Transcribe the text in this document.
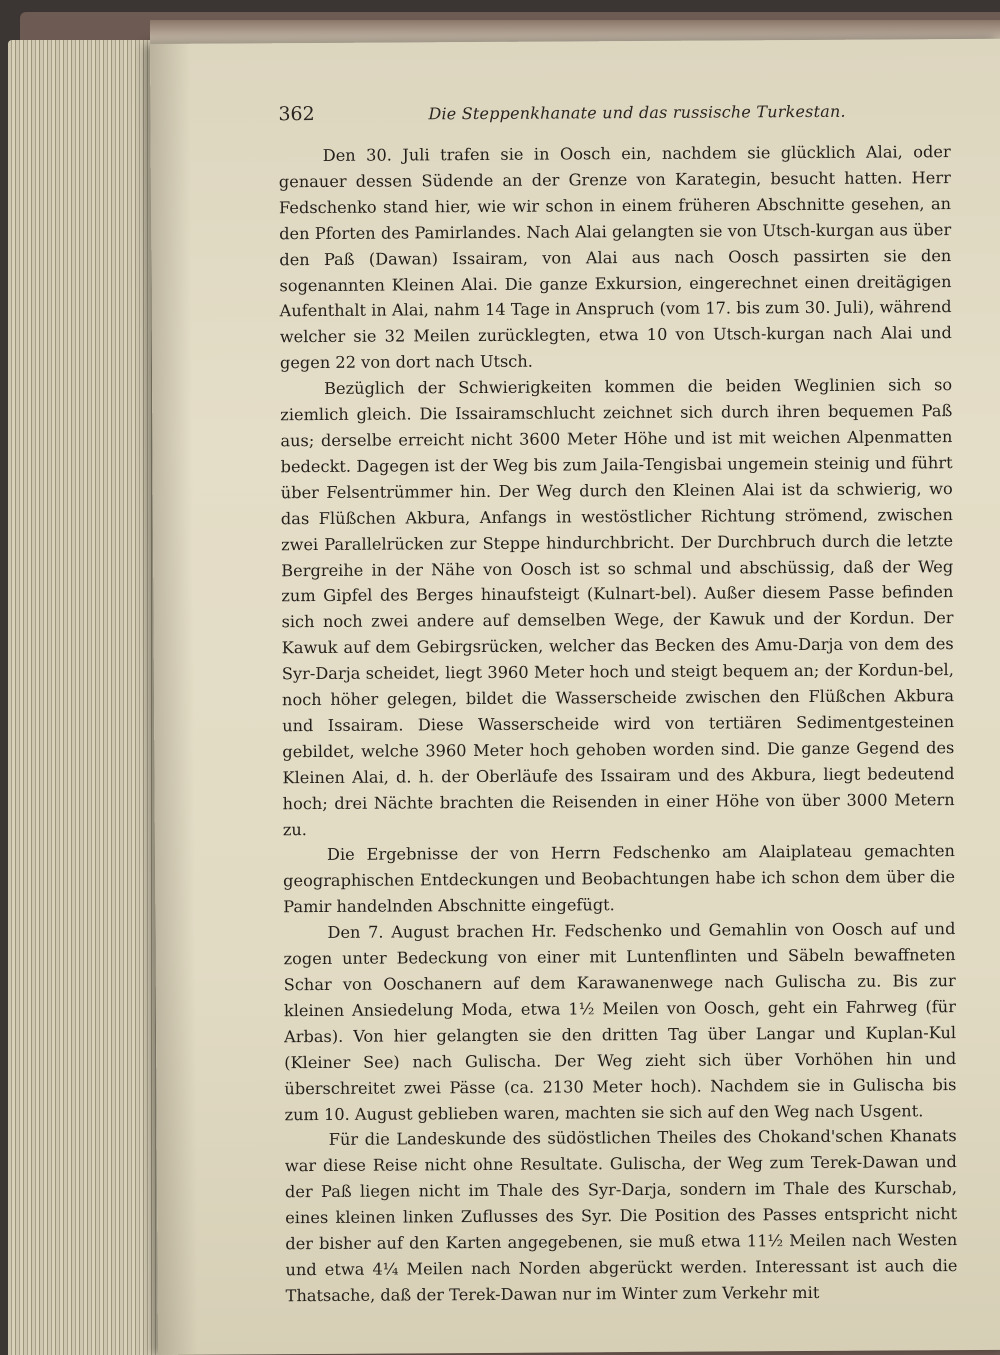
362	Die Steppenkhanate und das russische Turkestan.

Den 30. Juli trafen sie in Oosch ein, nachdem sie glücklich Alai, oder genauer dessen Südende an der Grenze von Karategin, besucht hatten. Herr Fedschenko stand hier, wie wir schon in einem früheren Abschnitte gesehen, an den Pforten des Pamirlandes. Nach Alai gelangten sie von Utsch-kurgan aus über den Paß (Dawan) Issairam, von Alai aus nach Oosch passirten sie den sogenannten Kleinen Alai. Die ganze Exkursion, eingerechnet einen dreitägigen Aufenthalt in Alai, nahm 14 Tage in Anspruch (vom 17. bis zum 30. Juli), während welcher sie 32 Meilen zurücklegten, etwa 10 von Utsch-kurgan nach Alai und gegen 22 von dort nach Utsch.

Bezüglich der Schwierigkeiten kommen die beiden Weglinien sich so ziemlich gleich. Die Issairamschlucht zeichnet sich durch ihren bequemen Paß aus; derselbe erreicht nicht 3600 Meter Höhe und ist mit weichen Alpenmatten bedeckt. Dagegen ist der Weg bis zum Jaila-Tengisbai ungemein steinig und führt über Felsentrümmer hin. Der Weg durch den Kleinen Alai ist da schwierig, wo das Flüßchen Akbura, Anfangs in westöstlicher Richtung strömend, zwischen zwei Parallelrücken zur Steppe hindurchbricht. Der Durchbruch durch die letzte Bergreihe in der Nähe von Oosch ist so schmal und abschüssig, daß der Weg zum Gipfel des Berges hinaufsteigt (Kulnart-bel). Außer diesem Passe befinden sich noch zwei andere auf demselben Wege, der Kawuk und der Kordun. Der Kawuk auf dem Gebirgsrücken, welcher das Becken des Amu-Darja von dem des Syr-Darja scheidet, liegt 3960 Meter hoch und steigt bequem an; der Kordun-bel, noch höher gelegen, bildet die Wasserscheide zwischen den Flüßchen Akbura und Issairam. Diese Wasserscheide wird von tertiären Sedimentgesteinen gebildet, welche 3960 Meter hoch gehoben worden sind. Die ganze Gegend des Kleinen Alai, d. h. der Oberläufe des Issairam und des Akbura, liegt bedeutend hoch; drei Nächte brachten die Reisenden in einer Höhe von über 3000 Metern zu.

Die Ergebnisse der von Herrn Fedschenko am Alaiplateau gemachten geographischen Entdeckungen und Beobachtungen habe ich schon dem über die Pamir handelnden Abschnitte eingefügt.

Den 7. August brachen Hr. Fedschenko und Gemahlin von Oosch auf und zogen unter Bedeckung von einer mit Luntenflinten und Säbeln bewaffneten Schar von Ooschanern auf dem Karawanenwege nach Gulischa zu. Bis zur kleinen Ansiedelung Moda, etwa 1½ Meilen von Oosch, geht ein Fahrweg (für Arbas). Von hier gelangten sie den dritten Tag über Langar und Kuplan-Kul (Kleiner See) nach Gulischa. Der Weg zieht sich über Vorhöhen hin und überschreitet zwei Pässe (ca. 2130 Meter hoch). Nachdem sie in Gulischa bis zum 10. August geblieben waren, machten sie sich auf den Weg nach Usgent.

Für die Landeskunde des südöstlichen Theiles des Chokand'schen Khanats war diese Reise nicht ohne Resultate. Gulischa, der Weg zum Terek-Dawan und der Paß liegen nicht im Thale des Syr-Darja, sondern im Thale des Kurschab, eines kleinen linken Zuflusses des Syr. Die Position des Passes entspricht nicht der bisher auf den Karten angegebenen, sie muß etwa 11½ Meilen nach Westen und etwa 4¼ Meilen nach Norden abgerückt werden. Interessant ist auch die Thatsache, daß der Terek-Dawan nur im Winter zum Verkehr mit
